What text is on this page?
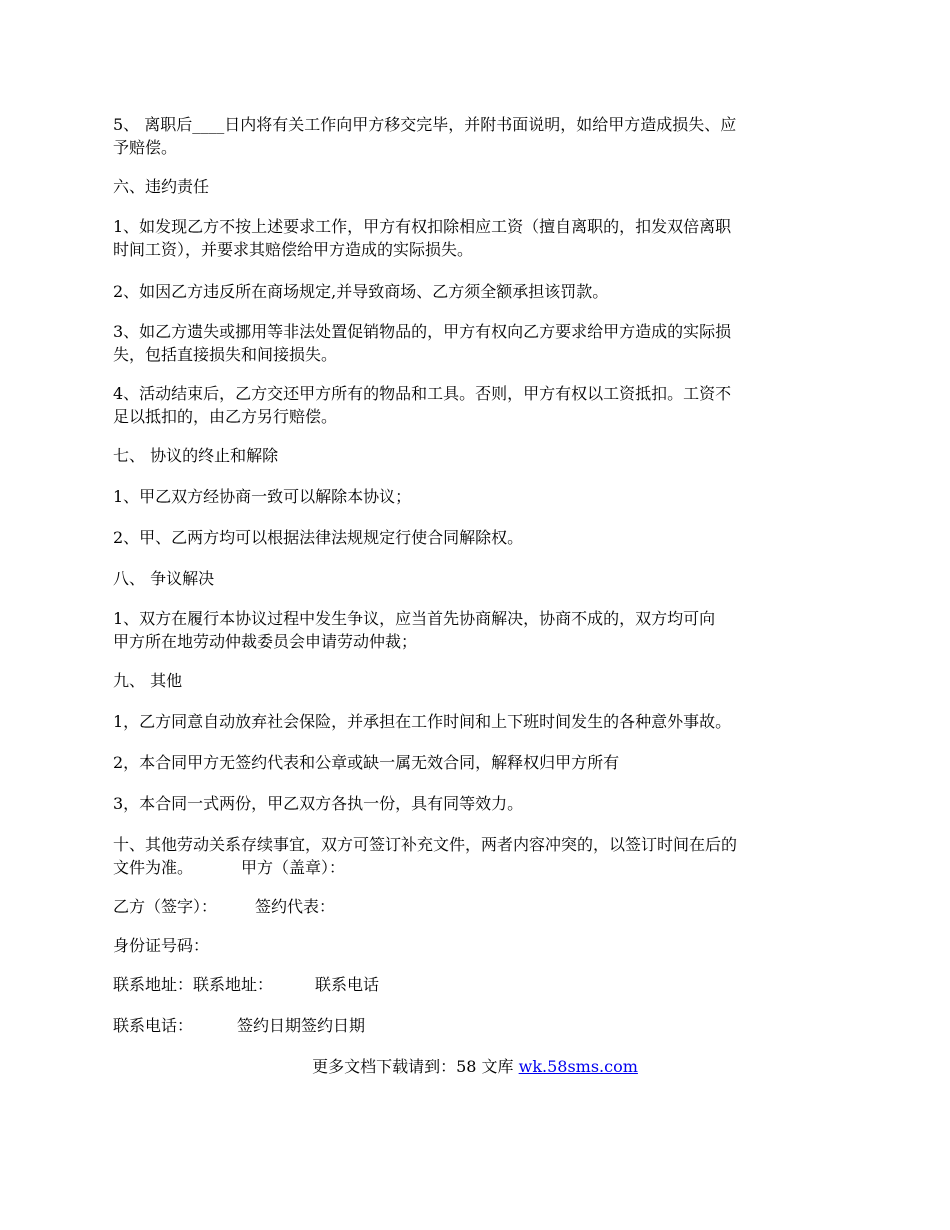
5、 离职后____日内将有关工作向甲方移交完毕，并附书面说明，如给甲方造成损失、应
予赔偿。
六、违约责任
1、如发现乙方不按上述要求工作，甲方有权扣除相应工资（擅自离职的，扣发双倍离职
时间工资），并要求其赔偿给甲方造成的实际损失。
2、如因乙方违反所在商场规定,并导致商场、乙方须全额承担该罚款。
3、如乙方遗失或挪用等非法处置促销物品的，甲方有权向乙方要求给甲方造成的实际损
失，包括直接损失和间接损失。
4、活动结束后，乙方交还甲方所有的物品和工具。否则，甲方有权以工资抵扣。工资不
足以抵扣的，由乙方另行赔偿。
七、 协议的终止和解除
1、甲乙双方经协商一致可以解除本协议；
2、甲、乙两方均可以根据法律法规规定行使合同解除权。
八、 争议解决
1、双方在履行本协议过程中发生争议，应当首先协商解决，协商不成的，双方均可向
甲方所在地劳动仲裁委员会申请劳动仲裁；
九、 其他
1，乙方同意自动放弃社会保险，并承担在工作时间和上下班时间发生的各种意外事故。
2，本合同甲方无签约代表和公章或缺一属无效合同，解释权归甲方所有
3，本合同一式两份，甲乙双方各执一份，具有同等效力。
十、其他劳动关系存续事宜，双方可签订补充文件，两者内容冲突的，以签订时间在后的
文件为准。	甲方（盖章）：
乙方（签字）： 签约代表：
身份证号码：
联系地址：联系地址：	联系电话
联系电话：	签约日期签约日期
更多文档下载请到：58 文库 wk.58sms.com
